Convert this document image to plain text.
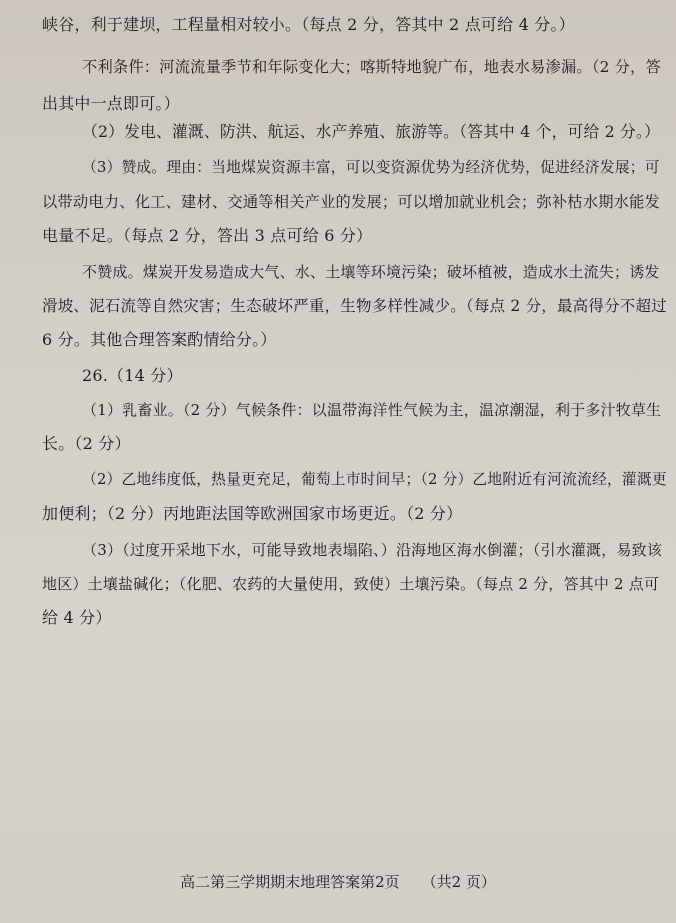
峡谷，利于建坝，工程量相对较小。（每点 2 分，答其中 2 点可给 4 分。）
不利条件：河流流量季节和年际变化大；喀斯特地貌广布，地表水易渗漏。（2 分，答
出其中一点即可。）
（2）发电、灌溉、防洪、航运、水产养殖、旅游等。（答其中 4 个，可给 2 分。）
（3）赞成。理由：当地煤炭资源丰富，可以变资源优势为经济优势，促进经济发展；可
以带动电力、化工、建材、交通等相关产业的发展；可以增加就业机会；弥补枯水期水能发
电量不足。（每点 2 分，答出 3 点可给 6 分）
不赞成。煤炭开发易造成大气、水、土壤等环境污染；破坏植被，造成水土流失；诱发
滑坡、泥石流等自然灾害；生态破坏严重，生物多样性减少。（每点 2 分，最高得分不超过
6 分。其他合理答案酌情给分。）
26.（14 分）
（1）乳畜业。（2 分）气候条件：以温带海洋性气候为主，温凉潮湿，利于多汁牧草生
长。（2 分）
（2）乙地纬度低，热量更充足，葡萄上市时间早；（2 分）乙地附近有河流流经，灌溉更
加便利；（2 分）丙地距法国等欧洲国家市场更近。（2 分）
（3）（过度开采地下水，可能导致地表塌陷、）沿海地区海水倒灌；（引水灌溉，易致该
地区）土壤盐碱化；（化肥、农药的大量使用，致使）土壤污染。（每点 2 分，答其中 2 点可
给 4 分）
高二第三学期期末地理答案第2页 （共2 页）
